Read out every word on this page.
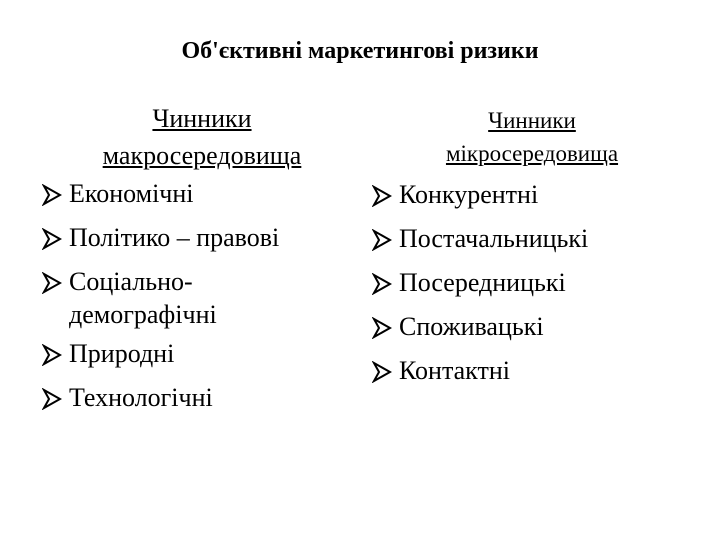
Об'єктивні маркетингові ризики
Чинники
макросередовища
Економічні
Політико – правові
Соціально-
демографічні
Природні
Технологічні
Чинники
мікросередовища
Конкурентні
Постачальницькі
Посередницькі
Споживацькі
Контактні
